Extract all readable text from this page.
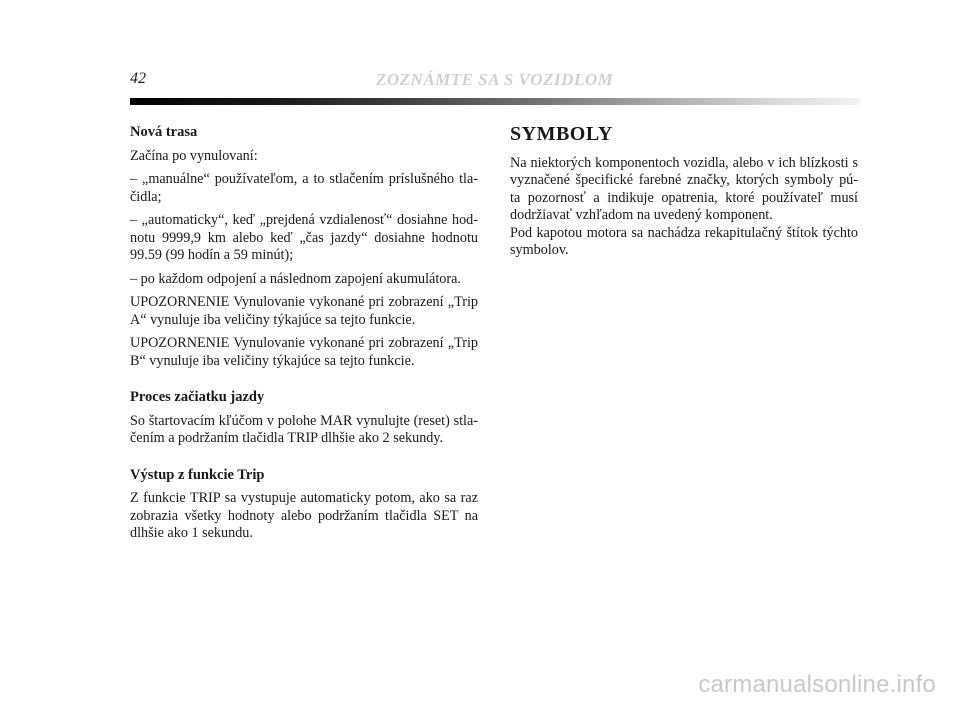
42	ZOZNÁMTE SA S VOZIDLOM
Nová trasa
Začína po vynulovaní:
– „manuálne“ používateľom, a to stlačením príslušného tla- čidla;
– „automaticky“, keď „prejdená vzdialenosť“ dosiahne hod- notu 9999,9 km alebo keď „čas jazdy“ dosiahne hodnotu 99.59 (99 hodín a 59 minút);
– po každom odpojení a následnom zapojení akumulátora.
UPOZORNENIE Vynulovanie vykonané pri zobrazení „Trip A“ vynuluje iba veličiny týkajúce sa tejto funkcie.
UPOZORNENIE Vynulovanie vykonané pri zobrazení „Trip B“ vynuluje iba veličiny týkajúce sa tejto funkcie.
Proces začiatku jazdy
So štartovacím kľúčom v polohe MAR vynulujte (reset) stla- čením a podržaním tlačidla TRIP dlhšie ako 2 sekundy.
Výstup z funkcie Trip
Z funkcie TRIP sa vystupuje automaticky potom, ako sa raz zobrazia všetky hodnoty alebo podržaním tlačidla SET na dlhšie ako 1 sekundu.
SYMBOLY
Na niektorých komponentoch vozidla, alebo v ich blízkosti s vyznačené špecifické farebné značky, ktorých symboly pú- ta pozornosť a indikuje opatrenia, ktoré používateľ musí dodržiavať vzhľadom na uvedený komponent.
Pod kapotou motora sa nachádza rekapitulačný štítok týchto symbolov.
carmanualsonline.info
